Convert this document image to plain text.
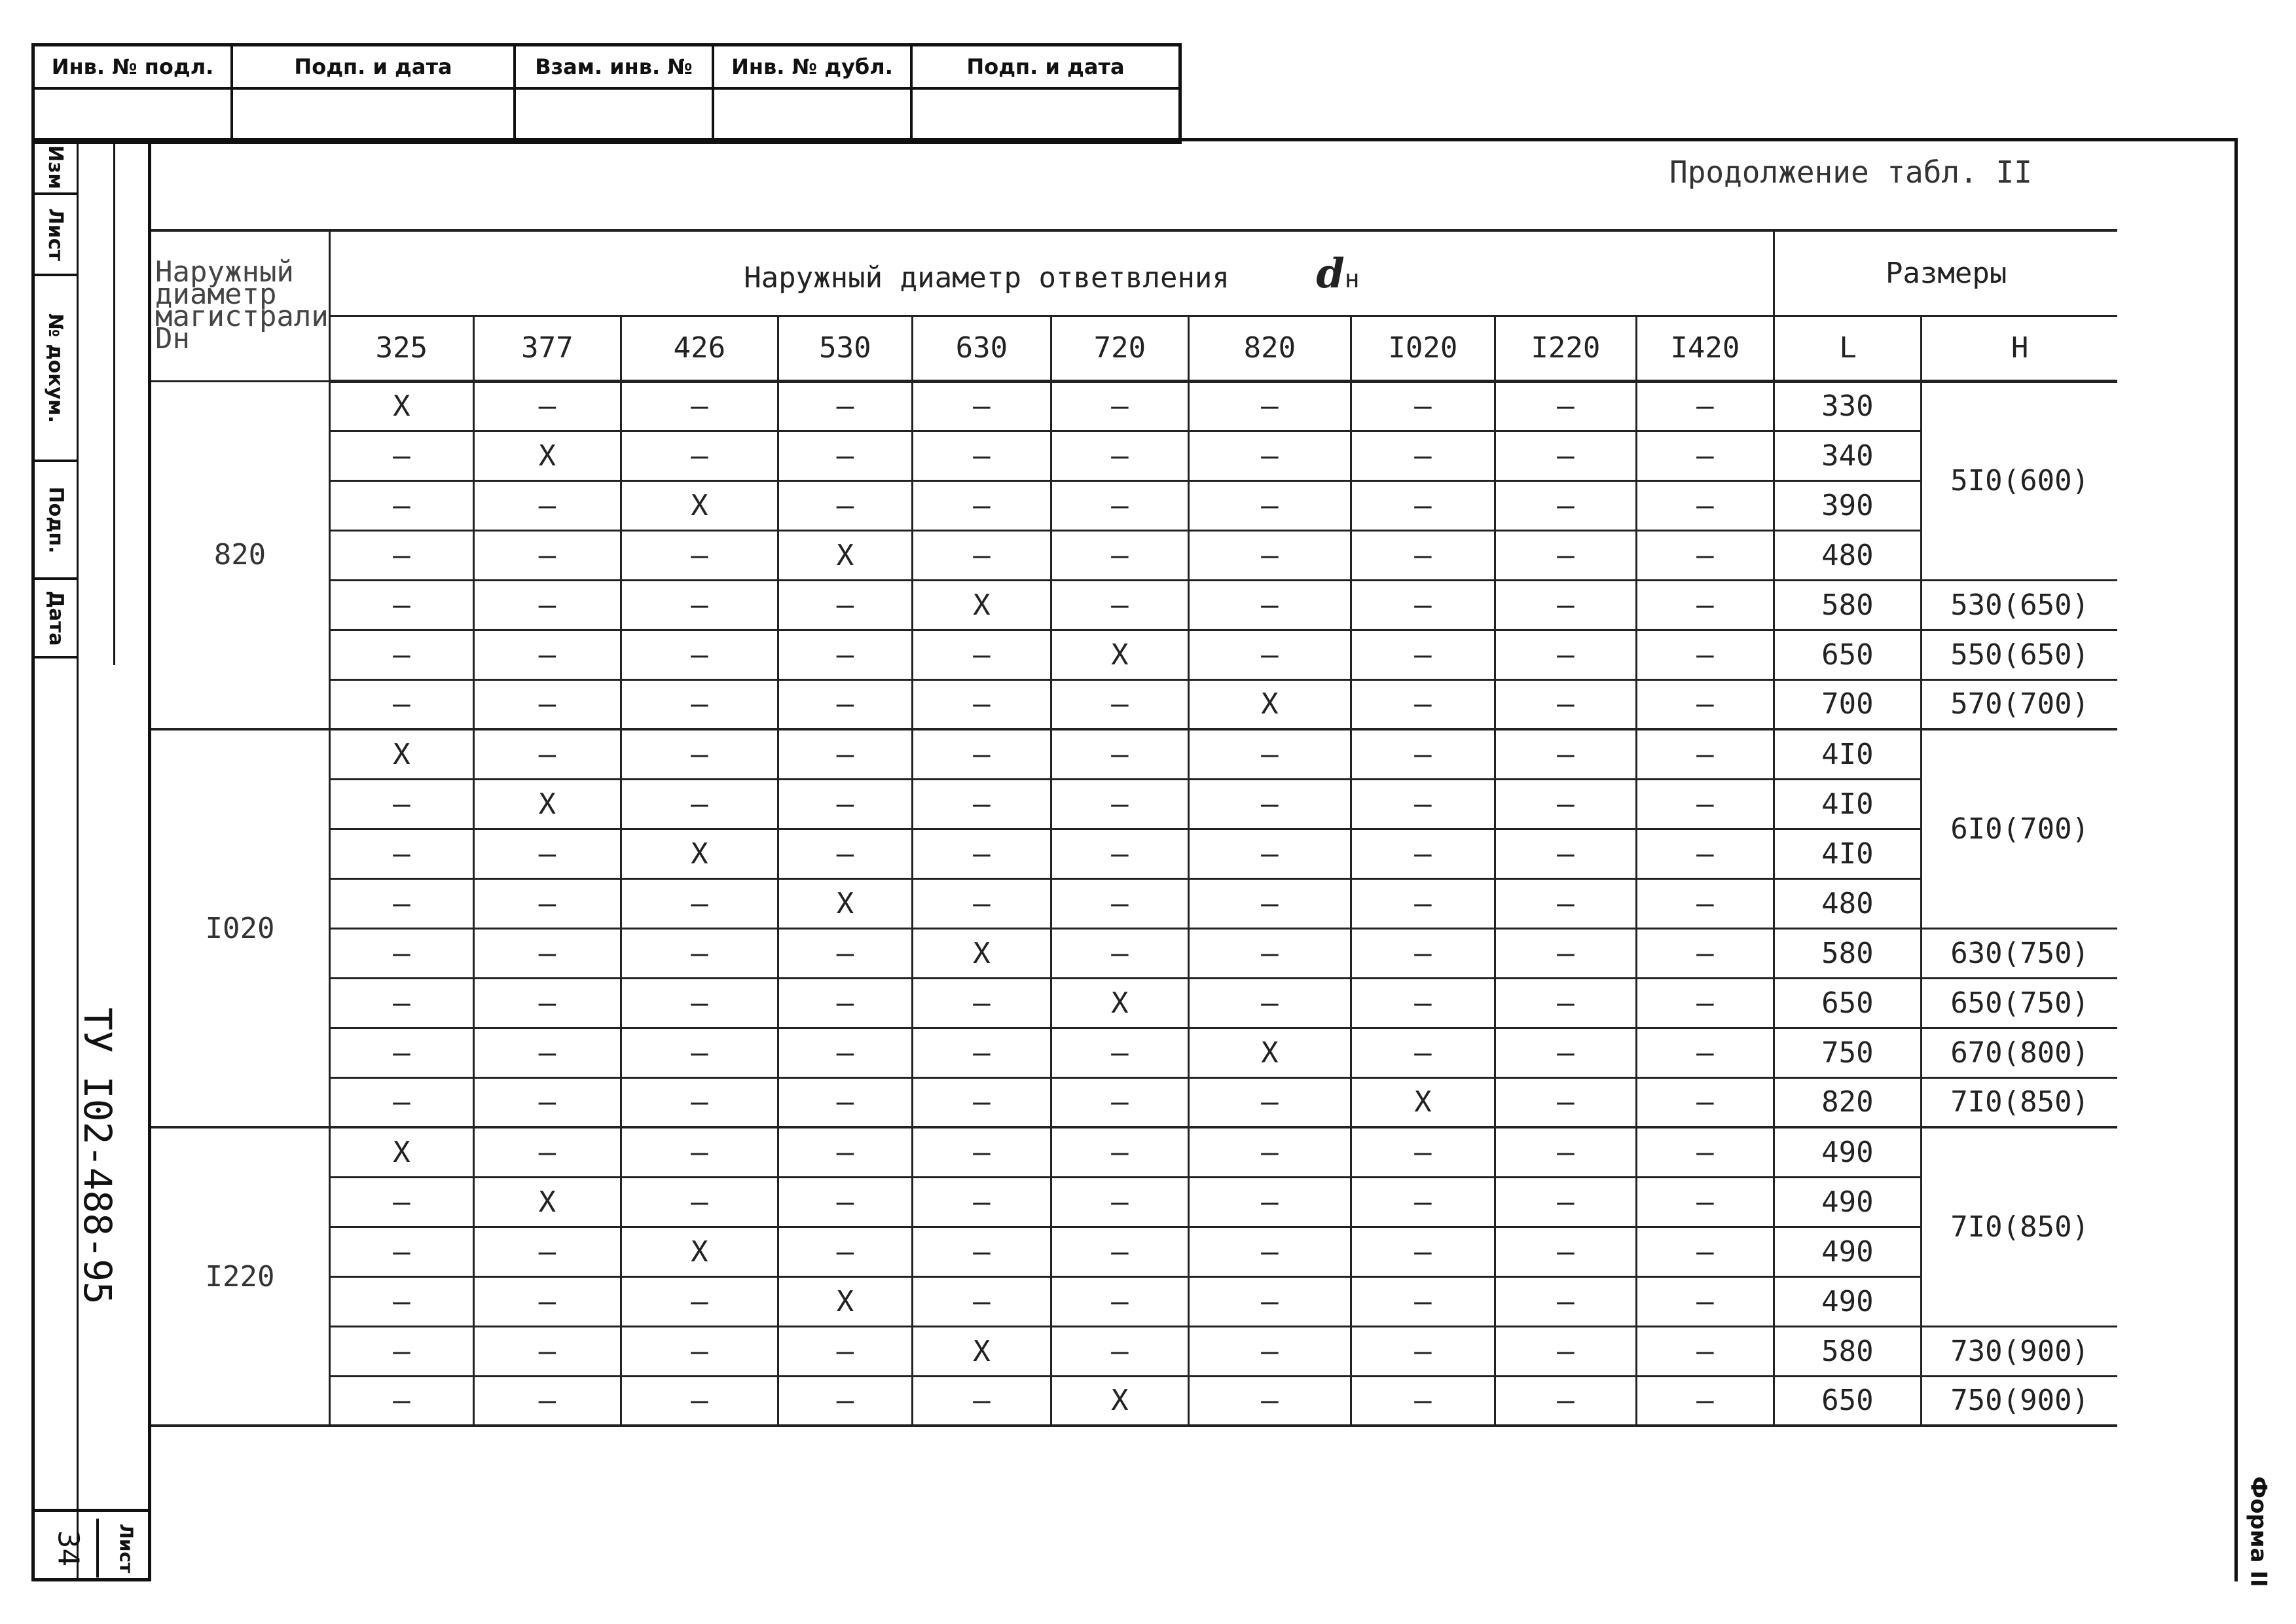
Инв. № подл.	Подп. и дата	Взам. инв. №	Инв. № дубл.	Подп. и дата
Изм
Лист
№ докум.
Подп.
Дата
ТУ I02-488-95
34 Лист
Продолжение табл. II
Наружный диаметр магистрали Dн	Наружный диаметр ответвления dн										Размеры	
	325	377	426	530	630	720	820	I020	I220	I420	L	H
820	X	–	–	–	–	–	–	–	–	–	330	5I0(600)
	–	X	–	–	–	–	–	–	–	–	340	
	–	–	X	–	–	–	–	–	–	–	390	
	–	–	–	X	–	–	–	–	–	–	480	
	–	–	–	–	X	–	–	–	–	–	580	530(650)
	–	–	–	–	–	X	–	–	–	–	650	550(650)
	–	–	–	–	–	–	X	–	–	–	700	570(700)
I020	X	–	–	–	–	–	–	–	–	–	4I0	6I0(700)
	–	X	–	–	–	–	–	–	–	–	4I0	
	–	–	X	–	–	–	–	–	–	–	4I0	
	–	–	–	X	–	–	–	–	–	–	480	
	–	–	–	–	X	–	–	–	–	–	580	630(750)
	–	–	–	–	–	X	–	–	–	–	650	650(750)
	–	–	–	–	–	–	X	–	–	–	750	670(800)
	–	–	–	–	–	–	–	X	–	–	820	7I0(850)
I220	X	–	–	–	–	–	–	–	–	–	490	7I0(850)
	–	X	–	–	–	–	–	–	–	–	490	
	–	–	X	–	–	–	–	–	–	–	490	
	–	–	–	X	–	–	–	–	–	–	490	
	–	–	–	–	X	–	–	–	–	–	580	730(900)
	–	–	–	–	–	X	–	–	–	–	650	750(900)
Форма II
